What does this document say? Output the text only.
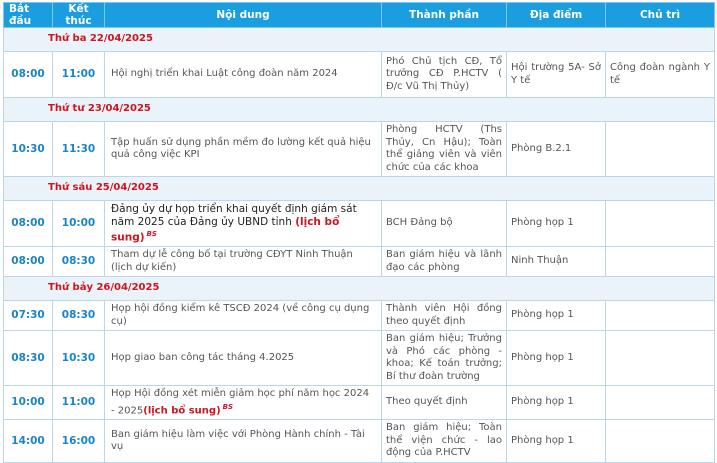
Bắt đầu	Kết thúc	Nội dung	Thành phần	Địa điểm	Chủ trì
Thứ ba 22/04/2025					
08:00	11:00	Hội nghị triển khai Luật công đoàn năm 2024	Phó Chủ tịch CĐ, Tổ trưởng CĐ P.HCTV ( Đ/c Vũ Thị Thủy)	Hội trường 5A- Sở Y tế	Công đoàn ngành Y tế
Thứ tư 23/04/2025					
10:30	11:30	Tập huấn sử dụng phần mềm đo lường kết quả hiệu quả công việc KPI	Phòng HCTV (Ths Thủy, Cn Hậu); Toàn thể giảng viên và viên chức của các khoa	Phòng B.2.1	
Thứ sáu 25/04/2025					
08:00	10:00	Đảng ủy dự họp triển khai quyết định giám sát năm 2025 của Đảng ủy UBND tỉnh (lịch bổ sung) $^{BS}$	BCH Đảng bộ	Phòng họp 1	
08:00	08:30	Tham dự lễ công bố tại trường CĐYT Ninh Thuận (lịch dự kiến)	Ban giám hiệu và lãnh đạo các phòng	Ninh Thuận	
Thứ bảy 26/04/2025					
07:30	08:30	Họp hội đồng kiểm kê TSCĐ 2024 (về công cụ dụng cụ)	Thành viên Hội đồng theo quyết định	Phòng họp 1	
08:30	10:30	Họp giao ban công tác tháng 4.2025	Ban giám hiệu; Trưởng và Phó các phòng - khoa; Kế toán trưởng; Bí thư đoàn trường	Phòng họp 1	
10:00	11:00	Họp Hội đồng xét miễn giảm học phí năm học 2024 - 2025(lịch bổ sung) $^{BS}$	Theo quyết định	Phòng họp 1	
14:00	16:00	Ban giám hiệu làm việc với Phòng Hành chính - Tài vụ	Ban giám hiệu; Toàn thể viện chức - lao động của P.HCTV	Phòng họp 1	
